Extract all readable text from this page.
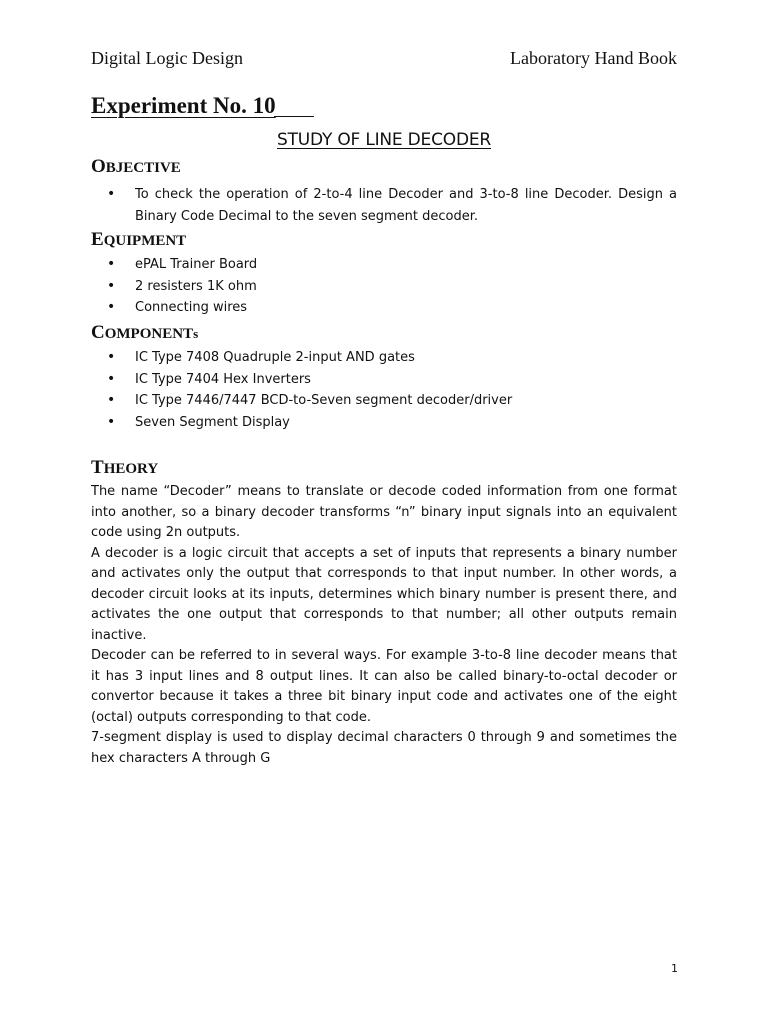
Digital Logic Design	Laboratory Hand Book
Experiment No. 10
STUDY OF LINE DECODER
OBJECTIVE
• To check the operation of 2-to-4 line Decoder and 3-to-8 line Decoder. Design a Binary Code Decimal to the seven segment decoder.
EQUIPMENT
• ePAL Trainer Board
• 2 resisters 1K ohm
• Connecting wires
COMPONENTs
• IC Type 7408 Quadruple 2-input AND gates
• IC Type 7404 Hex Inverters
• IC Type 7446/7447 BCD-to-Seven segment decoder/driver
• Seven Segment Display
THEORY

The name “Decoder” means to translate or decode coded information from one format into another, so a binary decoder transforms “n” binary input signals into an equivalent code using 2n outputs.

A decoder is a logic circuit that accepts a set of inputs that represents a binary number and activates only the output that corresponds to that input number. In other words, a decoder circuit looks at its inputs, determines which binary number is present there, and activates the one output that corresponds to that number; all other outputs remain inactive.

Decoder can be referred to in several ways. For example 3-to-8 line decoder means that it has 3 input lines and 8 output lines. It can also be called binary-to-octal decoder or convertor because it takes a three bit binary input code and activates one of the eight (octal) outputs corresponding to that code.

7-segment display is used to display decimal characters 0 through 9 and sometimes the hex characters A through G

1
